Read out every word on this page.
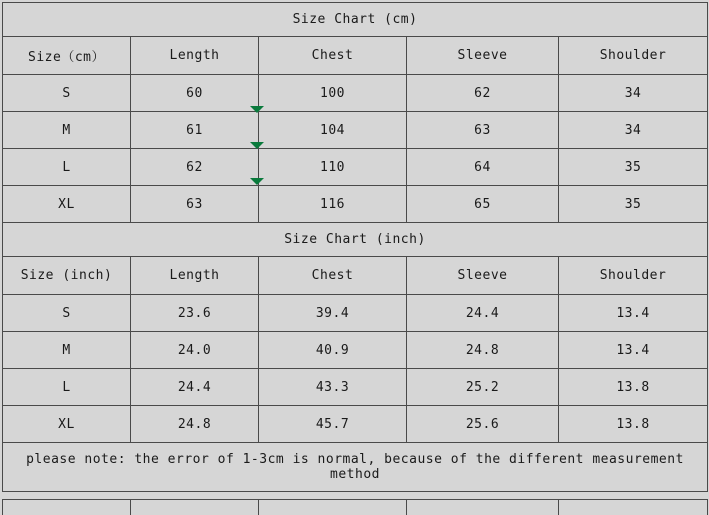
Size Chart (cm)				
Size（cm）	Length	Chest	Sleeve	Shoulder
S	60	100	62	34
M	61	104	63	34
L	62	110	64	35
XL	63	116	65	35
Size Chart (inch)				
Size (inch)	Length	Chest	Sleeve	Shoulder
S	23.6	39.4	24.4	13.4
M	24.0	40.9	24.8	13.4
L	24.4	43.3	25.2	13.8
XL	24.8	45.7	25.6	13.8
please note: the error of 1-3cm is normal, because of the different measurement method				
